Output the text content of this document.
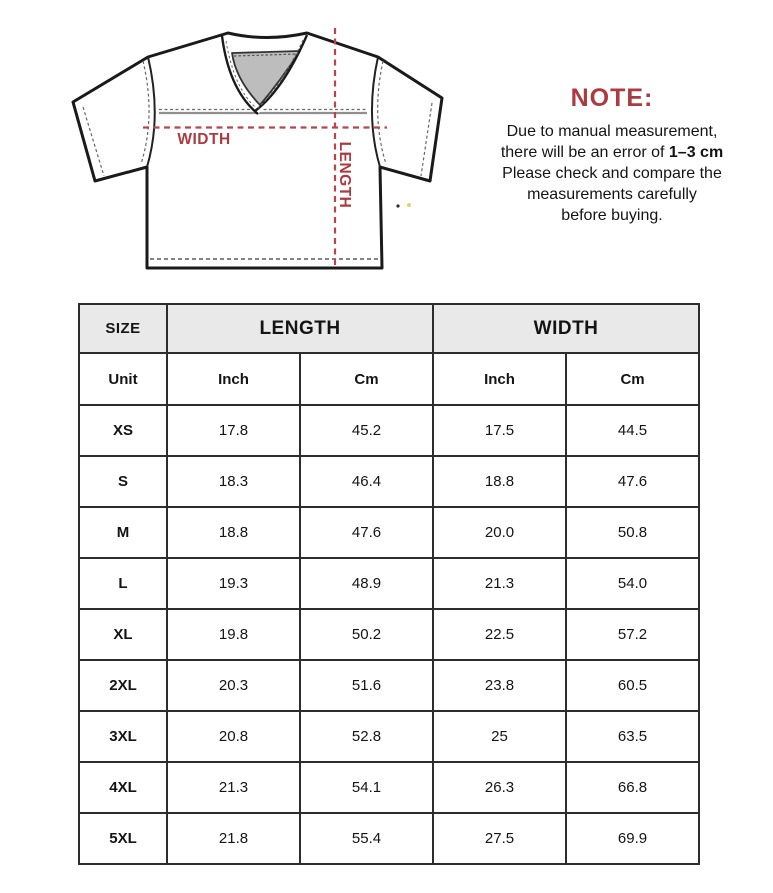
WIDTH
LENGTH
NOTE:
Due to manual measurement,
there will be an error of 1–3 cm
Please check and compare the
measurements carefully
before buying.
SIZE	LENGTH		WIDTH	
Unit	Inch	Cm	Inch	Cm
XS	17.8	45.2	17.5	44.5
S	18.3	46.4	18.8	47.6
M	18.8	47.6	20.0	50.8
L	19.3	48.9	21.3	54.0
XL	19.8	50.2	22.5	57.2
2XL	20.3	51.6	23.8	60.5
3XL	20.8	52.8	25	63.5
4XL	21.3	54.1	26.3	66.8
5XL	21.8	55.4	27.5	69.9
